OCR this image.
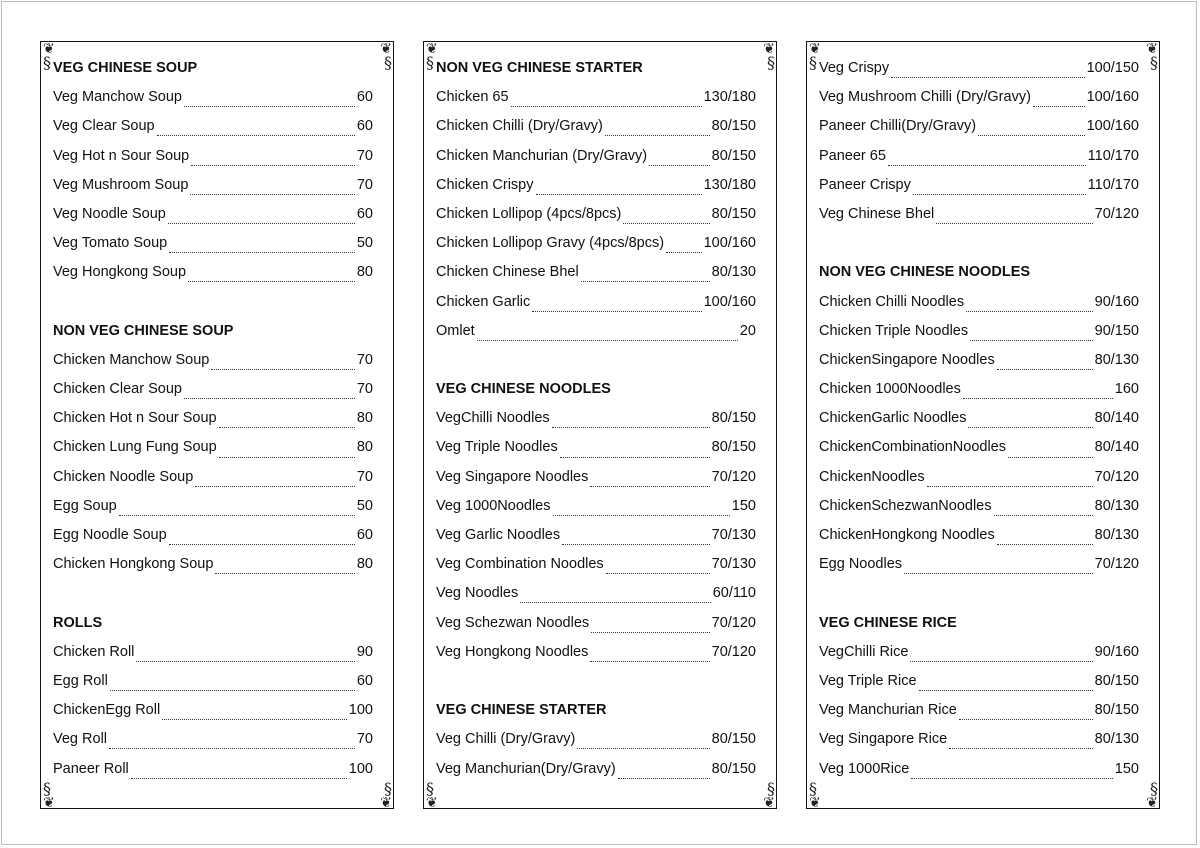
❦
§
❦
§
§
❦
§
❦
VEG CHINESE SOUP
Veg Manchow Soup	60
Veg Clear Soup	60
Veg Hot n Sour Soup	70
Veg Mushroom Soup	70
Veg Noodle Soup	60
Veg Tomato Soup	50
Veg Hongkong Soup	80
NON VEG CHINESE SOUP
Chicken Manchow Soup	70
Chicken Clear Soup	70
Chicken Hot n Sour Soup	80
Chicken Lung Fung Soup	80
Chicken Noodle Soup	70
Egg Soup	50
Egg Noodle Soup	60
Chicken Hongkong Soup	80
ROLLS
Chicken Roll	90
Egg Roll	60
ChickenEgg Roll	100
Veg Roll	70
Paneer Roll	100
❦
§
❦
§
§
❦
§
❦
NON VEG CHINESE STARTER
Chicken 65	130/180
Chicken Chilli (Dry/Gravy)	80/150
Chicken Manchurian (Dry/Gravy)	80/150
Chicken Crispy	130/180
Chicken Lollipop (4pcs/8pcs)	80/150
Chicken Lollipop Gravy (4pcs/8pcs)	100/160
Chicken Chinese Bhel	80/130
Chicken Garlic	100/160
Omlet	20
VEG CHINESE NOODLES
VegChilli Noodles	80/150
Veg Triple Noodles	80/150
Veg Singapore Noodles	70/120
Veg 1000Noodles	150
Veg Garlic Noodles	70/130
Veg Combination Noodles	70/130
Veg Noodles	60/110
Veg Schezwan Noodles	70/120
Veg Hongkong Noodles	70/120
VEG CHINESE STARTER
Veg Chilli (Dry/Gravy)	80/150
Veg Manchurian(Dry/Gravy)	80/150
❦
§
❦
§
§
❦
§
❦
Veg Crispy	100/150
Veg Mushroom Chilli (Dry/Gravy)	100/160
Paneer Chilli(Dry/Gravy)	100/160
Paneer 65	110/170
Paneer Crispy	110/170
Veg Chinese Bhel	70/120
NON VEG CHINESE NOODLES
Chicken Chilli Noodles	90/160
Chicken Triple Noodles	90/150
ChickenSingapore Noodles	80/130
Chicken 1000Noodles	160
ChickenGarlic Noodles	80/140
ChickenCombinationNoodles	80/140
ChickenNoodles	70/120
ChickenSchezwanNoodles	80/130
ChickenHongkong Noodles	80/130
Egg Noodles	70/120
VEG CHINESE RICE
VegChilli Rice	90/160
Veg Triple Rice	80/150
Veg Manchurian Rice	80/150
Veg Singapore Rice	80/130
Veg 1000Rice	150
